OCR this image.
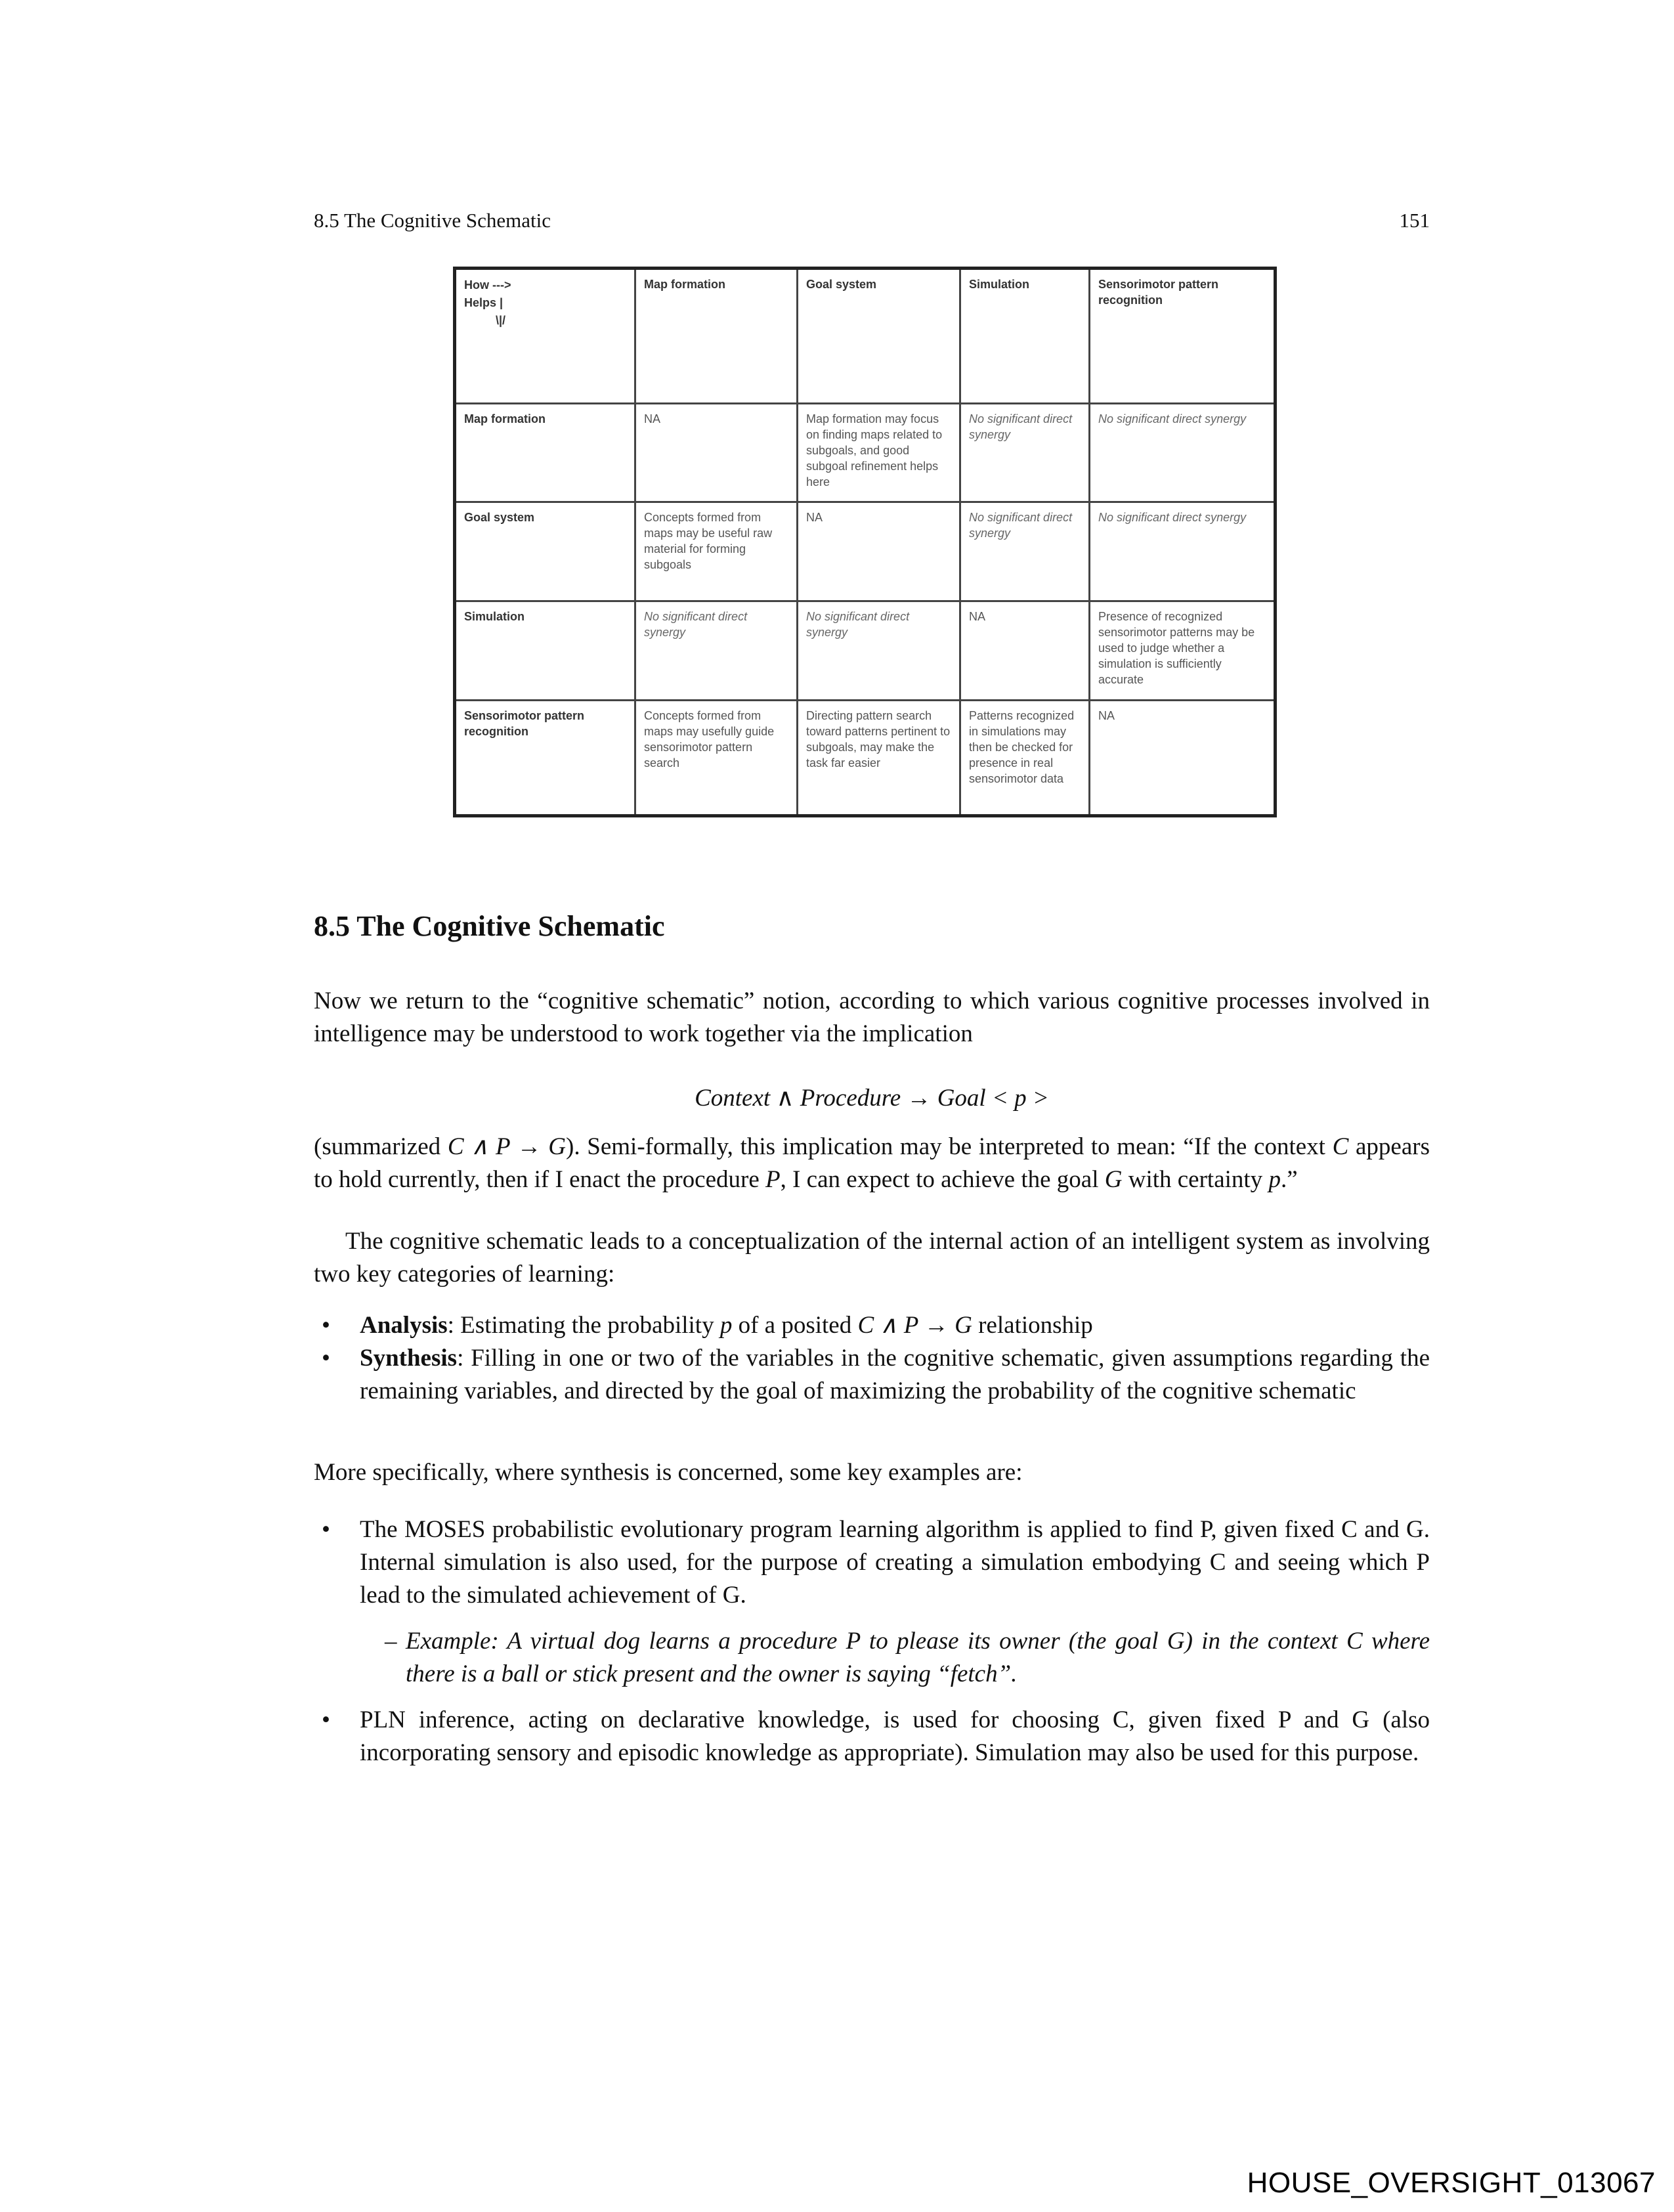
8.5 The Cognitive Schematic	151
How --->
Helps |
\|/	Map formation	Goal system	Simulation	Sensorimotor pattern recognition
Map formation	NA	Map formation may focus on finding maps related to subgoals, and good subgoal refinement helps here	No significant direct synergy	No significant direct synergy
Goal system	Concepts formed from maps may be useful raw material for forming subgoals	NA	No significant direct synergy	No significant direct synergy
Simulation	No significant direct synergy	No significant direct synergy	NA	Presence of recognized sensorimotor patterns may be used to judge whether a simulation is sufficiently accurate
Sensorimotor pattern recognition	Concepts formed from maps may usefully guide sensorimotor pattern search	Directing pattern search toward patterns pertinent to subgoals, may make the task far easier	Patterns recognized in simulations may then be checked for presence in real sensorimotor data	NA
8.5 The Cognitive Schematic
Now we return to the “cognitive schematic” notion, according to which various cognitive processes involved in intelligence may be understood to work together via the implication
Context ∧ Procedure → Goal < p >
(summarized C ∧ P → G). Semi-formally, this implication may be interpreted to mean: “If the context C appears to hold currently, then if I enact the procedure P, I can expect to achieve the goal G with certainty p.”
The cognitive schematic leads to a conceptualization of the internal action of an intelligent system as involving two key categories of learning:
• Analysis: Estimating the probability p of a posited C ∧ P → G relationship
• Synthesis: Filling in one or two of the variables in the cognitive schematic, given assumptions regarding the remaining variables, and directed by the goal of maximizing the probability of the cognitive schematic
More specifically, where synthesis is concerned, some key examples are:
• The MOSES probabilistic evolutionary program learning algorithm is applied to find P, given fixed C and G. Internal simulation is also used, for the purpose of creating a simulation embodying C and seeing which P lead to the simulated achievement of G.
– Example: A virtual dog learns a procedure P to please its owner (the goal G) in the context C where there is a ball or stick present and the owner is saying “fetch”.
• PLN inference, acting on declarative knowledge, is used for choosing C, given fixed P and G (also incorporating sensory and episodic knowledge as appropriate). Simulation may also be used for this purpose.
HOUSE_OVERSIGHT_013067
